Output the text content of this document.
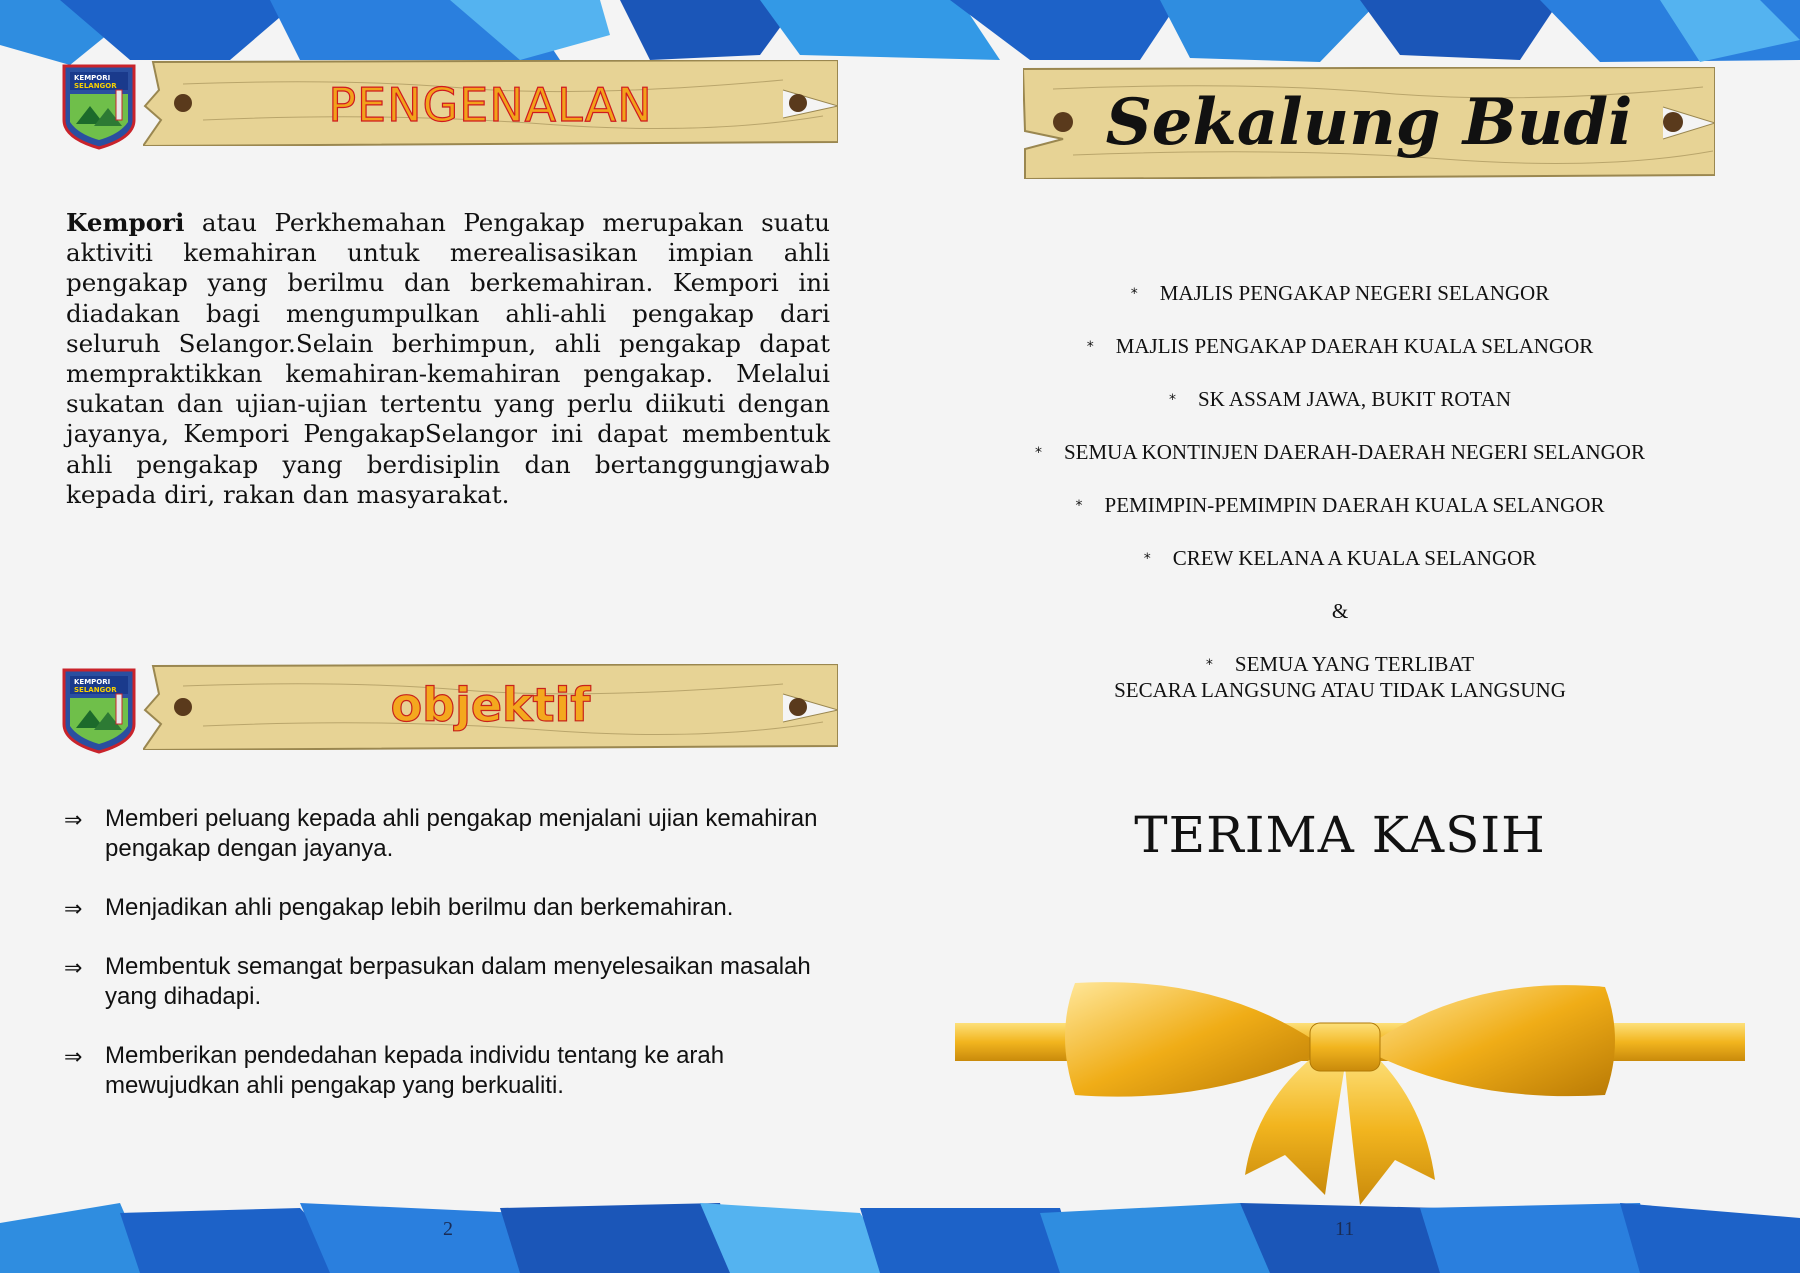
KEMPORI
SELANGOR	PENGENALAN

Kempori atau Perkhemahan Pengakap merupakan suatu aktiviti kemahiran untuk merealisasikan impian ahli pengakap yang berilmu dan berkemahiran. Kempori ini diadakan bagi mengumpulkan ahli-ahli pengakap dari seluruh Selangor.Selain berhimpun, ahli pengakap dapat mempraktikkan kemahiran-kemahiran pengakap. Melalui sukatan dan ujian-ujian tertentu yang perlu diikuti dengan jayanya, Kempori PengakapSelangor ini dapat membentuk ahli pengakap yang berdisiplin dan bertanggungjawab kepada diri, rakan dan masyarakat.

KEMPORI
SELANGOR	objektif
⇒ Memberi peluang kepada ahli pengakap menjalani ujian kemahiran pengakap dengan jayanya.
⇒ Menjadikan ahli pengakap lebih berilmu dan berkemahiran.
⇒ Membentuk semangat berpasukan dalam menyelesaikan masalah yang dihadapi.
⇒ Memberikan pendedahan kepada individu tentang ke arah mewujudkan ahli pengakap yang berkualiti.
2
Sekalung Budi
* MAJLIS PENGAKAP NEGERI SELANGOR
* MAJLIS PENGAKAP DAERAH KUALA SELANGOR
* SK ASSAM JAWA, BUKIT ROTAN
* SEMUA KONTINJEN DAERAH-DAERAH NEGERI SELANGOR
* PEMIMPIN-PEMIMPIN DAERAH KUALA SELANGOR
* CREW KELANA A KUALA SELANGOR
&
* SEMUA YANG TERLIBAT
SECARA LANGSUNG ATAU TIDAK LANGSUNG
TERIMA KASIH
11
